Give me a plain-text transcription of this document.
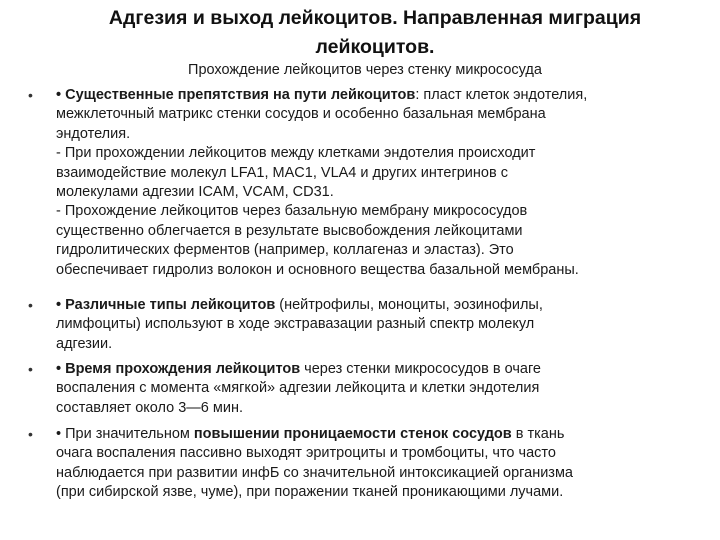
Адгезия и выход лейкоцитов. Направленная миграция
лейкоцитов.
Прохождение лейкоцитов через стенку микрососуда
• • Существенные препятствия на пути лейкоцитов: пласт клеток эндотелия,
межклеточный матрикс стенки сосудов и особенно базальная мембрана
эндотелия.
- При прохождении лейкоцитов между клетками эндотелия происходит
взаимодействие молекул LFA1, MAC1, VLA4 и других интегринов с
молекулами адгезии ICAM, VCAM, CD31.
- Прохождение лейкоцитов через базальную мембрану микрососудов
существенно облегчается в результате высвобождения лейкоцитами
гидролитических ферментов (например, коллагеназ и эластаз). Это
обеспечивает гидролиз волокон и основного вещества базальной мембраны.
• • Различные типы лейкоцитов (нейтрофилы, моноциты, эозинофилы,
лимфоциты) используют в ходе экстравазации разный спектр молекул
адгезии.
• • Время прохождения лейкоцитов через стенки микрососудов в очаге
воспаления с момента «мягкой» адгезии лейкоцита и клетки эндотелия
составляет около 3—6 мин.
• • При значительном повышении проницаемости стенок сосудов в ткань
очага воспаления пассивно выходят эритроциты и тромбоциты, что часто
наблюдается при развитии инфБ со значительной интоксикацией организма
(при сибирской язве, чуме), при поражении тканей проникающими лучами.
